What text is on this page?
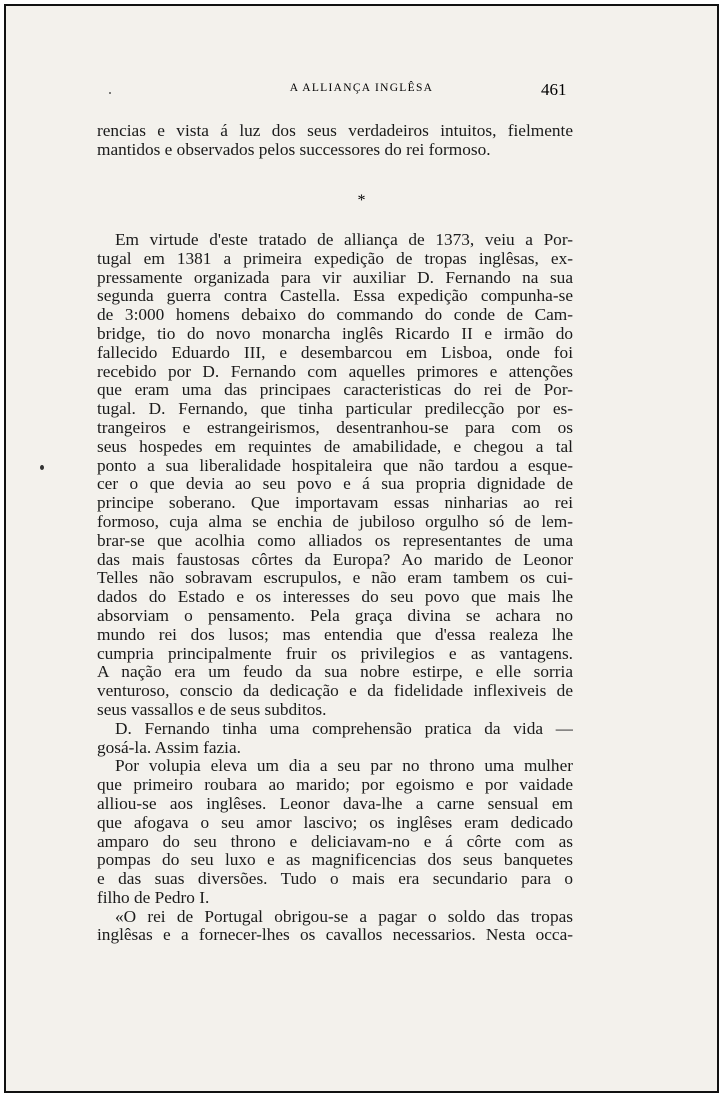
A ALLIANÇA INGLÊSA	461
rencias e vista á luz dos seus verdadeiros intuitos, fielmente
mantidos e observados pelos successores do rei formoso.
*
Em virtude d'este tratado de alliança de 1373, veiu a Por-
tugal em 1381 a primeira expedição de tropas inglêsas, ex-
pressamente organizada para vir auxiliar D. Fernando na sua
segunda guerra contra Castella. Essa expedição compunha-se
de 3:000 homens debaixo do commando do conde de Cam-
bridge, tio do novo monarcha inglês Ricardo II e irmão do
fallecido Eduardo III, e desembarcou em Lisboa, onde foi
recebido por D. Fernando com aquelles primores e attenções
que eram uma das principaes caracteristicas do rei de Por-
tugal. D. Fernando, que tinha particular predilecção por es-
trangeiros e estrangeirismos, desentranhou-se para com os
seus hospedes em requintes de amabilidade, e chegou a tal
ponto a sua liberalidade hospitaleira que não tardou a esque-
cer o que devia ao seu povo e á sua propria dignidade de
principe soberano. Que importavam essas ninharias ao rei
formoso, cuja alma se enchia de jubiloso orgulho só de lem-
brar-se que acolhia como alliados os representantes de uma
das mais faustosas côrtes da Europa? Ao marido de Leonor
Telles não sobravam escrupulos, e não eram tambem os cui-
dados do Estado e os interesses do seu povo que mais lhe
absorviam o pensamento. Pela graça divina se achara no
mundo rei dos lusos; mas entendia que d'essa realeza lhe
cumpria principalmente fruir os privilegios e as vantagens.
A nação era um feudo da sua nobre estirpe, e elle sorria
venturoso, conscio da dedicação e da fidelidade inflexiveis de
seus vassallos e de seus subditos.
D. Fernando tinha uma comprehensão pratica da vida —
gosá-la. Assim fazia.
Por volupia eleva um dia a seu par no throno uma mulher
que primeiro roubara ao marido; por egoismo e por vaidade
alliou-se aos inglêses. Leonor dava-lhe a carne sensual em
que afogava o seu amor lascivo; os inglêses eram dedicado
amparo do seu throno e deliciavam-no e á côrte com as
pompas do seu luxo e as magnificencias dos seus banquetes
e das suas diversões. Tudo o mais era secundario para o
filho de Pedro I.
«O rei de Portugal obrigou-se a pagar o soldo das tropas
inglêsas e a fornecer-lhes os cavallos necessarios. Nesta occa-
